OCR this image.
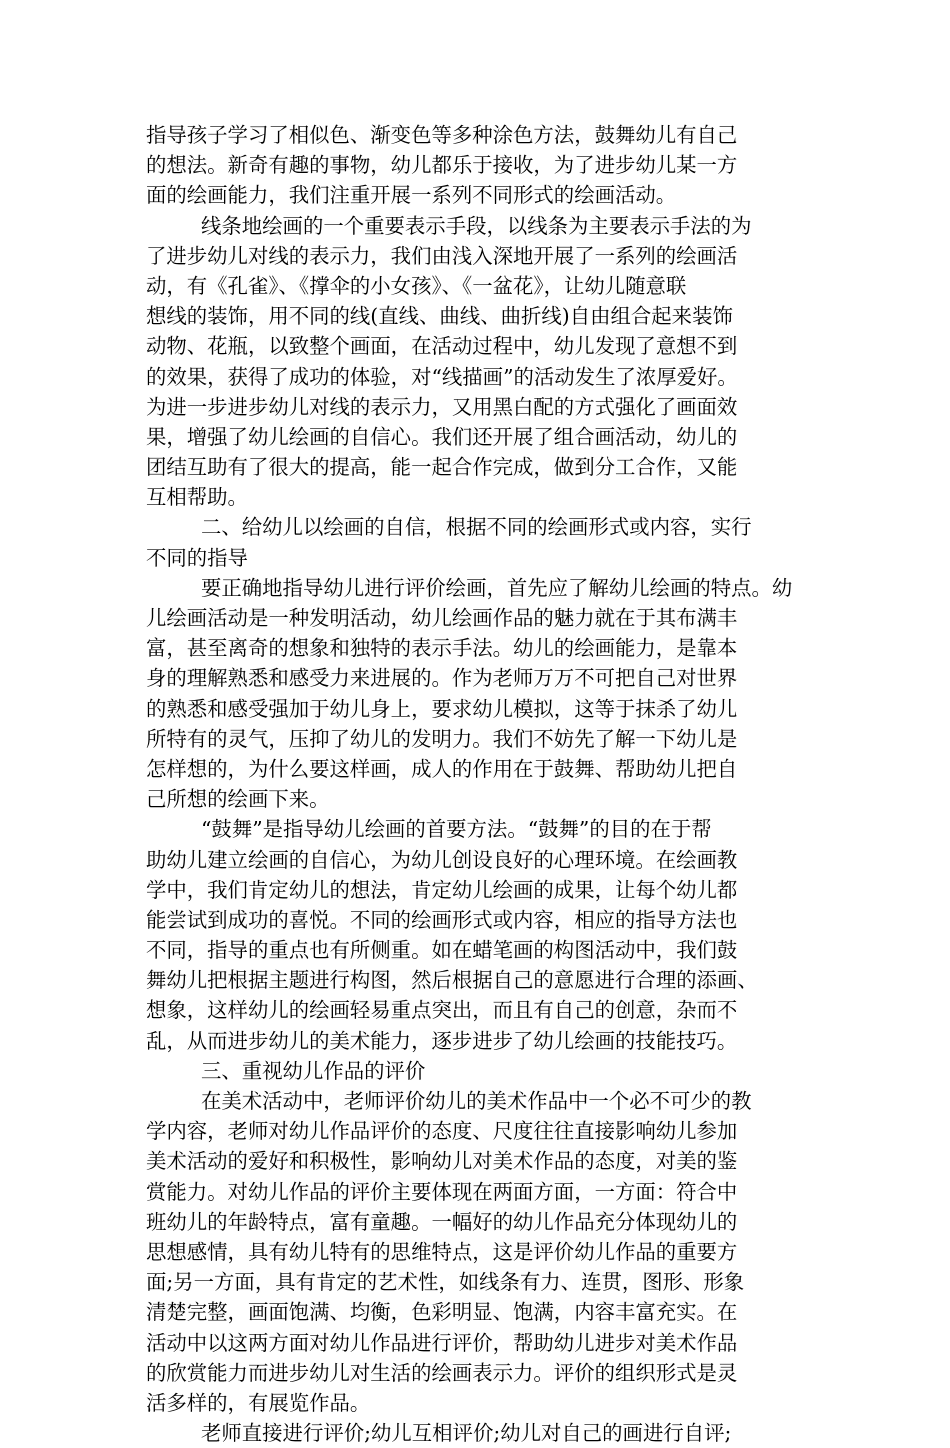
指导孩子学习了相似色、渐变色等多种涂色方法，鼓舞幼儿有自己
的想法。新奇有趣的事物，幼儿都乐于接收，为了进步幼儿某一方
面的绘画能力，我们注重开展一系列不同形式的绘画活动。
线条地绘画的一个重要表示手段，以线条为主要表示手法的为
了进步幼儿对线的表示力，我们由浅入深地开展了一系列的绘画活
动，有《孔雀》、《撑伞的小女孩》、《一盆花》，让幼儿随意联
想线的装饰，用不同的线(直线、曲线、曲折线)自由组合起来装饰
动物、花瓶，以致整个画面，在活动过程中，幼儿发现了意想不到
的效果，获得了成功的体验，对“线描画”的活动发生了浓厚爱好。
为进一步进步幼儿对线的表示力，又用黑白配的方式强化了画面效
果，增强了幼儿绘画的自信心。我们还开展了组合画活动，幼儿的
团结互助有了很大的提高，能一起合作完成，做到分工合作，又能
互相帮助。
二、给幼儿以绘画的自信，根据不同的绘画形式或内容，实行
不同的指导
要正确地指导幼儿进行评价绘画，首先应了解幼儿绘画的特点。幼
儿绘画活动是一种发明活动，幼儿绘画作品的魅力就在于其布满丰
富，甚至离奇的想象和独特的表示手法。幼儿的绘画能力，是靠本
身的理解熟悉和感受力来进展的。作为老师万万不可把自己对世界
的熟悉和感受强加于幼儿身上，要求幼儿模拟，这等于抹杀了幼儿
所特有的灵气，压抑了幼儿的发明力。我们不妨先了解一下幼儿是
怎样想的，为什么要这样画，成人的作用在于鼓舞、帮助幼儿把自
己所想的绘画下来。
“鼓舞”是指导幼儿绘画的首要方法。“鼓舞”的目的在于帮
助幼儿建立绘画的自信心，为幼儿创设良好的心理环境。在绘画教
学中，我们肯定幼儿的想法，肯定幼儿绘画的成果，让每个幼儿都
能尝试到成功的喜悦。不同的绘画形式或内容，相应的指导方法也
不同，指导的重点也有所侧重。如在蜡笔画的构图活动中，我们鼓
舞幼儿把根据主题进行构图，然后根据自己的意愿进行合理的添画、
想象，这样幼儿的绘画轻易重点突出，而且有自己的创意，杂而不
乱，从而进步幼儿的美术能力，逐步进步了幼儿绘画的技能技巧。
三、重视幼儿作品的评价
在美术活动中，老师评价幼儿的美术作品中一个必不可少的教
学内容，老师对幼儿作品评价的态度、尺度往往直接影响幼儿参加
美术活动的爱好和积极性，影响幼儿对美术作品的态度，对美的鉴
赏能力。对幼儿作品的评价主要体现在两面方面，一方面：符合中
班幼儿的年龄特点，富有童趣。一幅好的幼儿作品充分体现幼儿的
思想感情，具有幼儿特有的思维特点，这是评价幼儿作品的重要方
面;另一方面，具有肯定的艺术性，如线条有力、连贯，图形、形象
清楚完整，画面饱满、均衡，色彩明显、饱满，内容丰富充实。在
活动中以这两方面对幼儿作品进行评价，帮助幼儿进步对美术作品
的欣赏能力而进步幼儿对生活的绘画表示力。评价的组织形式是灵
活多样的，有展览作品。
老师直接进行评价;幼儿互相评价;幼儿对自己的画进行自评;
